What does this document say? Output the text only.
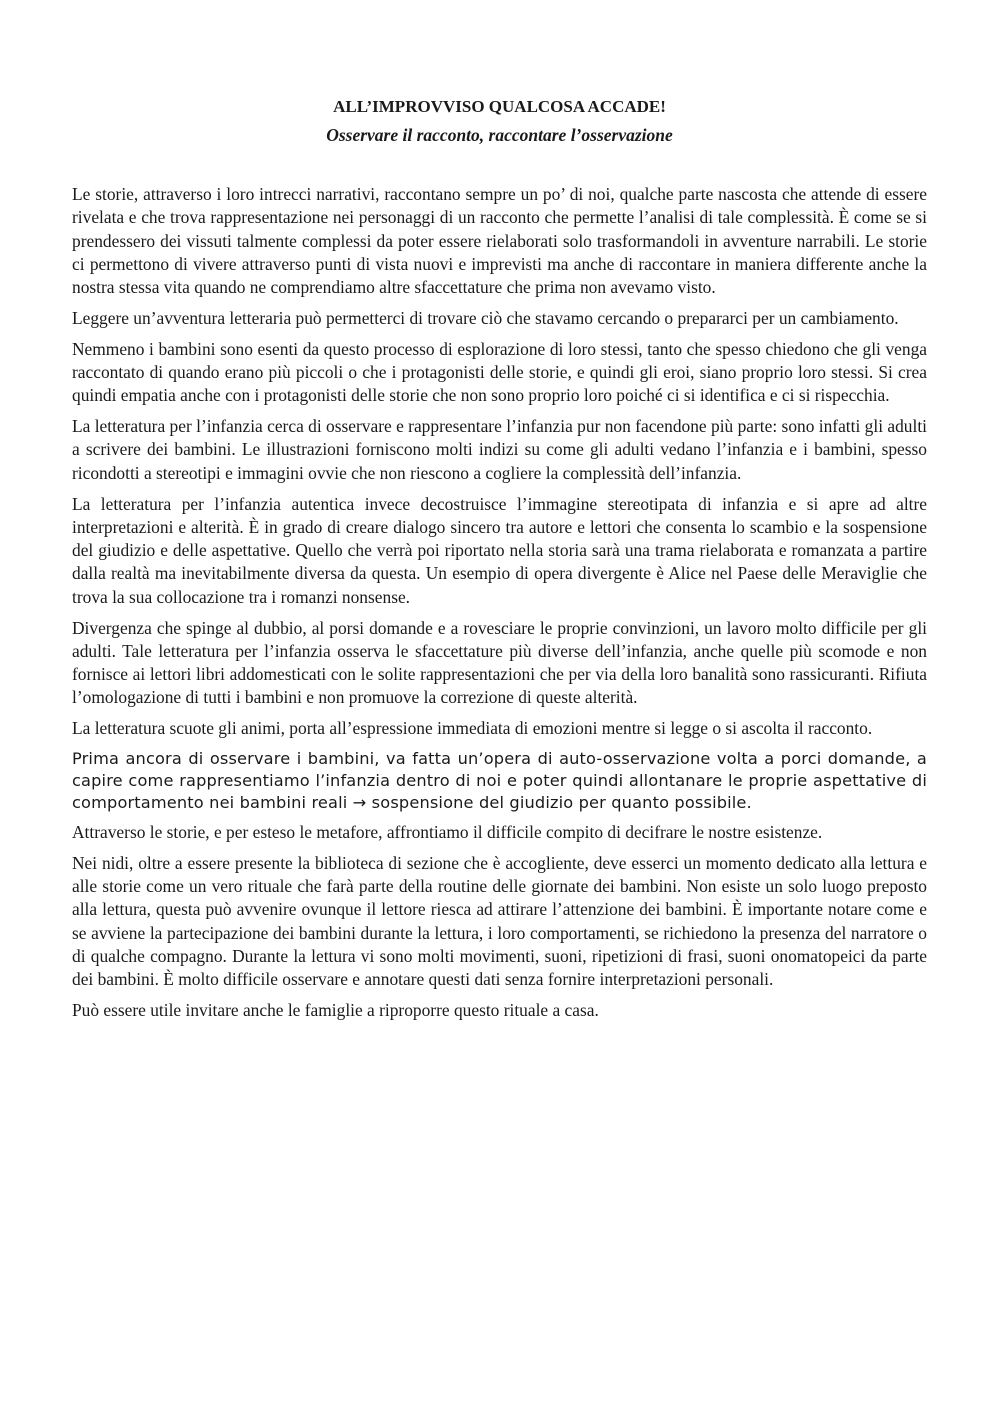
ALL’IMPROVVISO QUALCOSA ACCADE!
Osservare il racconto, raccontare l’osservazione

Le storie, attraverso i loro intrecci narrativi, raccontano sempre un po’ di noi, qualche parte nascosta che attende di essere rivelata e che trova rappresentazione nei personaggi di un racconto che permette l’analisi di tale complessità. È come se si prendessero dei vissuti talmente complessi da poter essere rielaborati solo trasformandoli in avventure narrabili. Le storie ci permettono di vivere attraverso punti di vista nuovi e imprevisti ma anche di raccontare in maniera differente anche la nostra stessa vita quando ne comprendiamo altre sfaccettature che prima non avevamo visto.

Leggere un’avventura letteraria può permetterci di trovare ciò che stavamo cercando o prepararci per un cambiamento.

Nemmeno i bambini sono esenti da questo processo di esplorazione di loro stessi, tanto che spesso chiedono che gli venga raccontato di quando erano più piccoli o che i protagonisti delle storie, e quindi gli eroi, siano proprio loro stessi. Si crea quindi empatia anche con i protagonisti delle storie che non sono proprio loro poiché ci si identifica e ci si rispecchia.

La letteratura per l’infanzia cerca di osservare e rappresentare l’infanzia pur non facendone più parte: sono infatti gli adulti a scrivere dei bambini. Le illustrazioni forniscono molti indizi su come gli adulti vedano l’infanzia e i bambini, spesso ricondotti a stereotipi e immagini ovvie che non riescono a cogliere la complessità dell’infanzia.

La letteratura per l’infanzia autentica invece decostruisce l’immagine stereotipata di infanzia e si apre ad altre interpretazioni e alterità. È in grado di creare dialogo sincero tra autore e lettori che consenta lo scambio e la sospensione del giudizio e delle aspettative. Quello che verrà poi riportato nella storia sarà una trama rielaborata e romanzata a partire dalla realtà ma inevitabilmente diversa da questa. Un esempio di opera divergente è Alice nel Paese delle Meraviglie che trova la sua collocazione tra i romanzi nonsense.

Divergenza che spinge al dubbio, al porsi domande e a rovesciare le proprie convinzioni, un lavoro molto difficile per gli adulti. Tale letteratura per l’infanzia osserva le sfaccettature più diverse dell’infanzia, anche quelle più scomode e non fornisce ai lettori libri addomesticati con le solite rappresentazioni che per via della loro banalità sono rassicuranti. Rifiuta l’omologazione di tutti i bambini e non promuove la correzione di queste alterità.

La letteratura scuote gli animi, porta all’espressione immediata di emozioni mentre si legge o si ascolta il racconto.

Prima ancora di osservare i bambini, va fatta un’opera di auto-osservazione volta a porci domande, a capire come rappresentiamo l’infanzia dentro di noi e poter quindi allontanare le proprie aspettative di comportamento nei bambini reali → sospensione del giudizio per quanto possibile.

Attraverso le storie, e per esteso le metafore, affrontiamo il difficile compito di decifrare le nostre esistenze.

Nei nidi, oltre a essere presente la biblioteca di sezione che è accogliente, deve esserci un momento dedicato alla lettura e alle storie come un vero rituale che farà parte della routine delle giornate dei bambini. Non esiste un solo luogo preposto alla lettura, questa può avvenire ovunque il lettore riesca ad attirare l’attenzione dei bambini. È importante notare come e se avviene la partecipazione dei bambini durante la lettura, i loro comportamenti, se richiedono la presenza del narratore o di qualche compagno. Durante la lettura vi sono molti movimenti, suoni, ripetizioni di frasi, suoni onomatopeici da parte dei bambini. È molto difficile osservare e annotare questi dati senza fornire interpretazioni personali.

Può essere utile invitare anche le famiglie a riproporre questo rituale a casa.
